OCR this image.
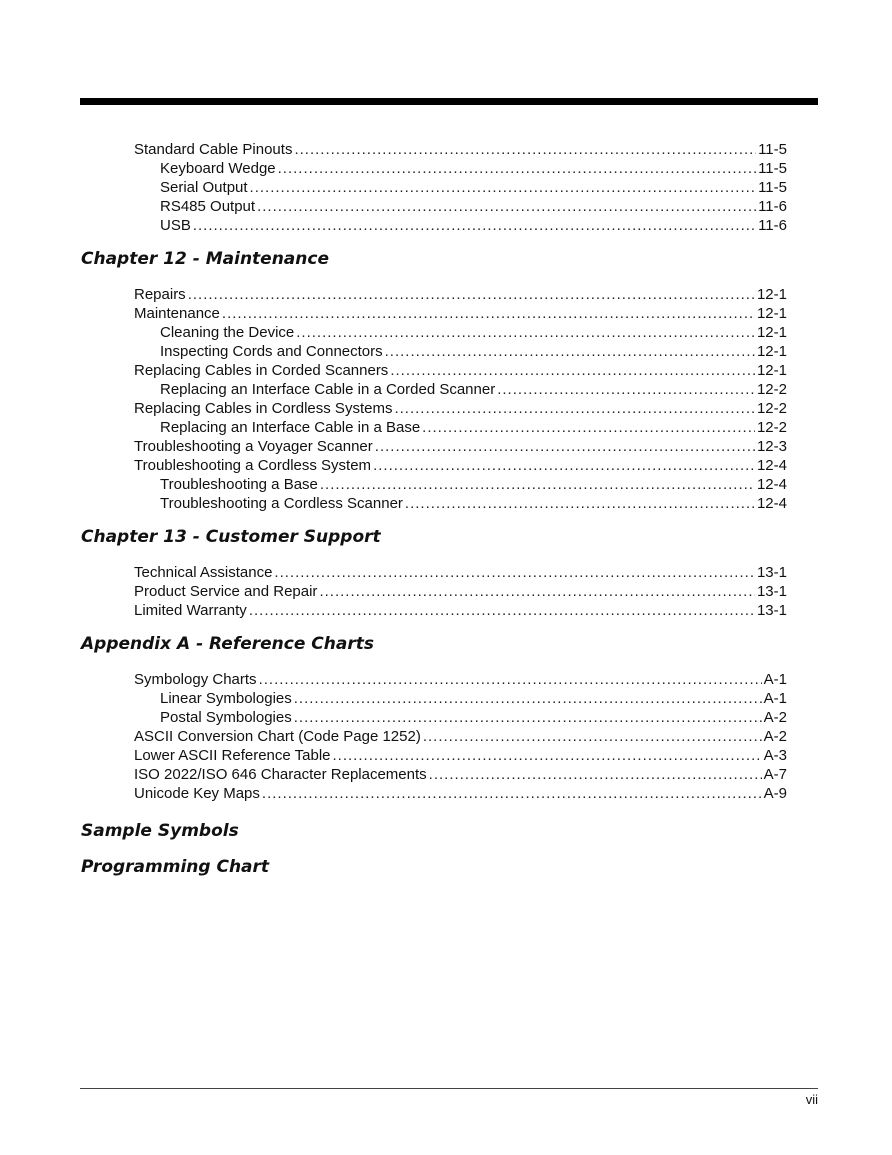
Standard Cable Pinouts .....	11-5
Keyboard Wedge .....	11-5
Serial Output .....	11-5
RS485 Output .....	11-6
USB .....	11-6
Chapter 12 - Maintenance
Repairs .....	12-1
Maintenance .....	12-1
Cleaning the Device .....	12-1
Inspecting Cords and Connectors .....	12-1
Replacing Cables in Corded Scanners .....	12-1
Replacing an Interface Cable in a Corded Scanner .....	12-2
Replacing Cables in Cordless Systems .....	12-2
Replacing an Interface Cable in a Base .....	12-2
Troubleshooting a Voyager Scanner .....	12-3
Troubleshooting a Cordless System .....	12-4
Troubleshooting a Base .....	12-4
Troubleshooting a Cordless Scanner .....	12-4
Chapter 13 - Customer Support
Technical Assistance .....	13-1
Product Service and Repair .....	13-1
Limited Warranty .....	13-1
Appendix A - Reference Charts
Symbology Charts .....	A-1
Linear Symbologies .....	A-1
Postal Symbologies .....	A-2
ASCII Conversion Chart (Code Page 1252) .....	A-2
Lower ASCII Reference Table .....	A-3
ISO 2022/ISO 646 Character Replacements .....	A-7
Unicode Key Maps .....	A-9
Sample Symbols
Programming Chart
vii
